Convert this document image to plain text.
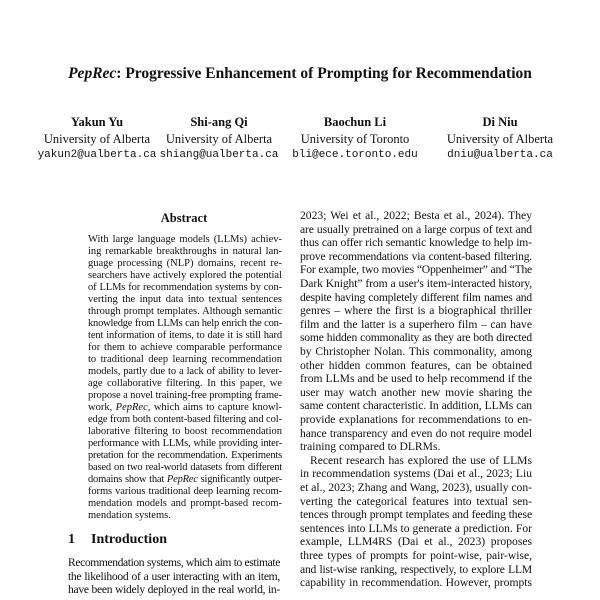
PepRec: Progressive Enhancement of Prompting for Recommendation
Yakun Yu
University of Alberta
yakun2@ualberta.ca
Shi-ang Qi
University of Alberta
shiang@ualberta.ca
Baochun Li
University of Toronto
bli@ece.toronto.edu
Di Niu
University of Alberta
dniu@ualberta.ca
Abstract
With large language models (LLMs) achiev-
ing remarkable breakthroughs in natural lan-
guage processing (NLP) domains, recent re-
searchers have actively explored the potential
of LLMs for recommendation systems by con-
verting the input data into textual sentences
through prompt templates. Although semantic
knowledge from LLMs can help enrich the con-
tent information of items, to date it is still hard
for them to achieve comparable performance
to traditional deep learning recommendation
models, partly due to a lack of ability to lever-
age collaborative filtering. In this paper, we
propose a novel training-free prompting frame-
work, PepRec, which aims to capture knowl-
edge from both content-based filtering and col-
laborative filtering to boost recommendation
performance with LLMs, while providing inter-
pretation for the recommendation. Experiments
based on two real-world datasets from different
domains show that PepRec significantly outper-
forms various traditional deep learning recom-
mendation models and prompt-based recom-
mendation systems.
1 Introduction
Recommendation systems, which aim to estimate
the likelihood of a user interacting with an item,
have been widely deployed in the real world, in-
2023; Wei et al., 2022; Besta et al., 2024). They
are usually pretrained on a large corpus of text and
thus can offer rich semantic knowledge to help im-
prove recommendations via content-based filtering.
For example, two movies “Oppenheimer” and “The
Dark Knight” from a user's item-interacted history,
despite having completely different film names and
genres – where the first is a biographical thriller
film and the latter is a superhero film – can have
some hidden commonality as they are both directed
by Christopher Nolan. This commonality, among
other hidden common features, can be obtained
from LLMs and be used to help recommend if the
user may watch another new movie sharing the
same content characteristic. In addition, LLMs can
provide explanations for recommendations to en-
hance transparency and even do not require model
training compared to DLRMs.
Recent research has explored the use of LLMs
in recommendation systems (Dai et al., 2023; Liu
et al., 2023; Zhang and Wang, 2023), usually con-
verting the categorical features into textual sen-
tences through prompt templates and feeding these
sentences into LLMs to generate a prediction. For
example, LLM4RS (Dai et al., 2023) proposes
three types of prompts for point-wise, pair-wise,
and list-wise ranking, respectively, to explore LLM
capability in recommendation. However, prompts
